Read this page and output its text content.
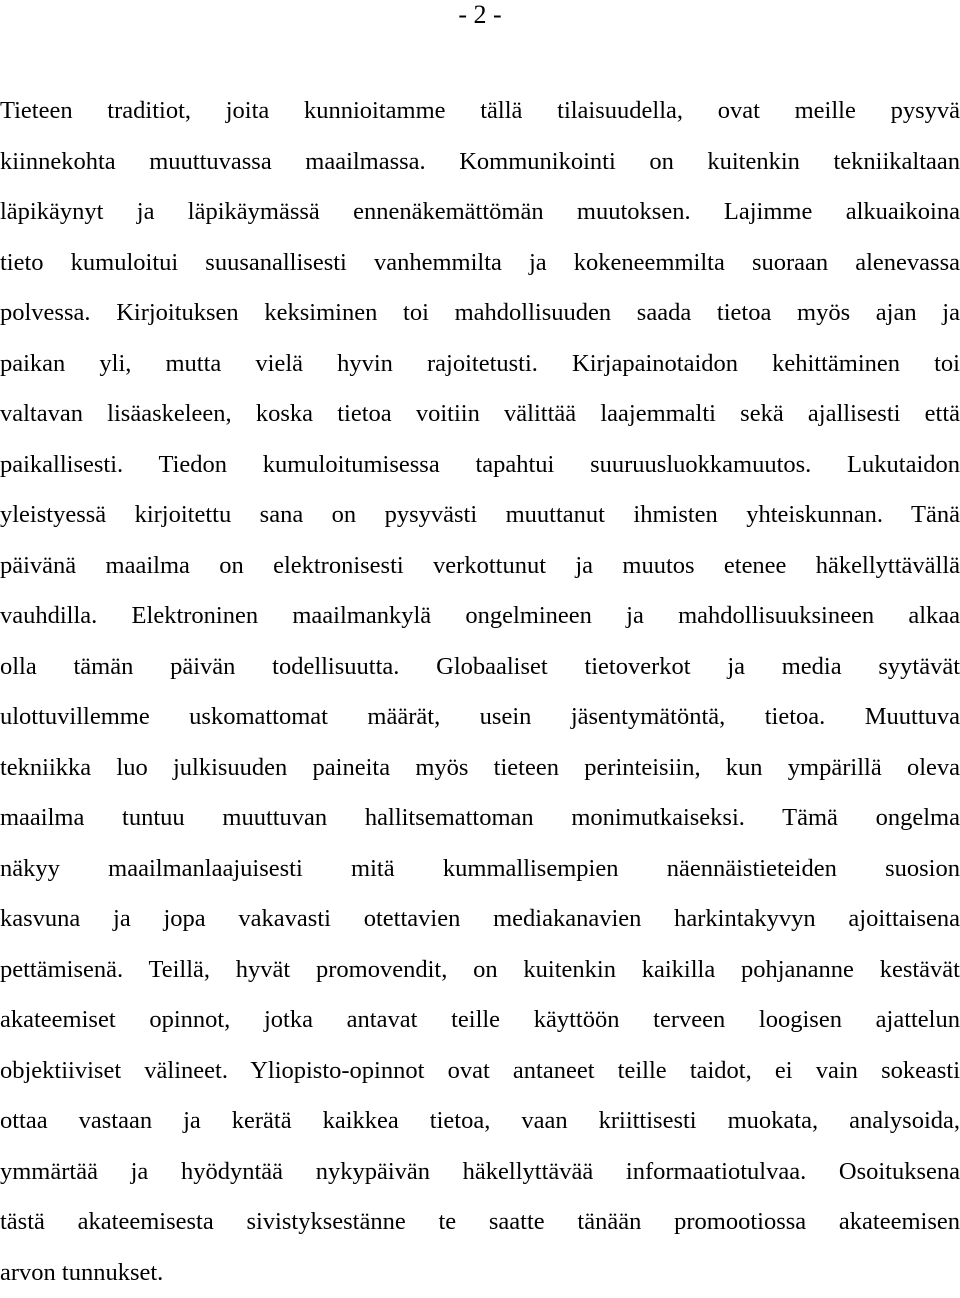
- 2 -
Tieteen traditiot, joita kunnioitamme tällä tilaisuudella, ovat meille pysyvä
kiinnekohta muuttuvassa maailmassa. Kommunikointi on kuitenkin tekniikaltaan
läpikäynyt ja läpikäymässä ennenäkemättömän muutoksen. Lajimme alkuaikoina
tieto kumuloitui suusanallisesti vanhemmilta ja kokeneemmilta suoraan alenevassa
polvessa. Kirjoituksen keksiminen toi mahdollisuuden saada tietoa myös ajan ja
paikan yli, mutta vielä hyvin rajoitetusti. Kirjapainotaidon kehittäminen toi
valtavan lisäaskeleen, koska tietoa voitiin välittää laajemmalti sekä ajallisesti että
paikallisesti. Tiedon kumuloitumisessa tapahtui suuruusluokkamuutos. Lukutaidon
yleistyessä kirjoitettu sana on pysyvästi muuttanut ihmisten yhteiskunnan. Tänä
päivänä maailma on elektronisesti verkottunut ja muutos etenee häkellyttävällä
vauhdilla. Elektroninen maailmankylä ongelmineen ja mahdollisuuksineen alkaa
olla tämän päivän todellisuutta. Globaaliset tietoverkot ja media syytävät
ulottuvillemme uskomattomat määrät, usein jäsentymätöntä, tietoa. Muuttuva
tekniikka luo julkisuuden paineita myös tieteen perinteisiin, kun ympärillä oleva
maailma tuntuu muuttuvan hallitsemattoman monimutkaiseksi. Tämä ongelma
näkyy maailmanlaajuisesti mitä kummallisempien näennäistieteiden suosion
kasvuna ja jopa vakavasti otettavien mediakanavien harkintakyvyn ajoittaisena
pettämisenä. Teillä, hyvät promovendit, on kuitenkin kaikilla pohjananne kestävät
akateemiset opinnot, jotka antavat teille käyttöön terveen loogisen ajattelun
objektiiviset välineet. Yliopisto-opinnot ovat antaneet teille taidot, ei vain sokeasti
ottaa vastaan ja kerätä kaikkea tietoa, vaan kriittisesti muokata, analysoida,
ymmärtää ja hyödyntää nykypäivän häkellyttävää informaatiotulvaa. Osoituksena
tästä akateemisesta sivistyksestänne te saatte tänään promootiossa akateemisen
arvon tunnukset.
